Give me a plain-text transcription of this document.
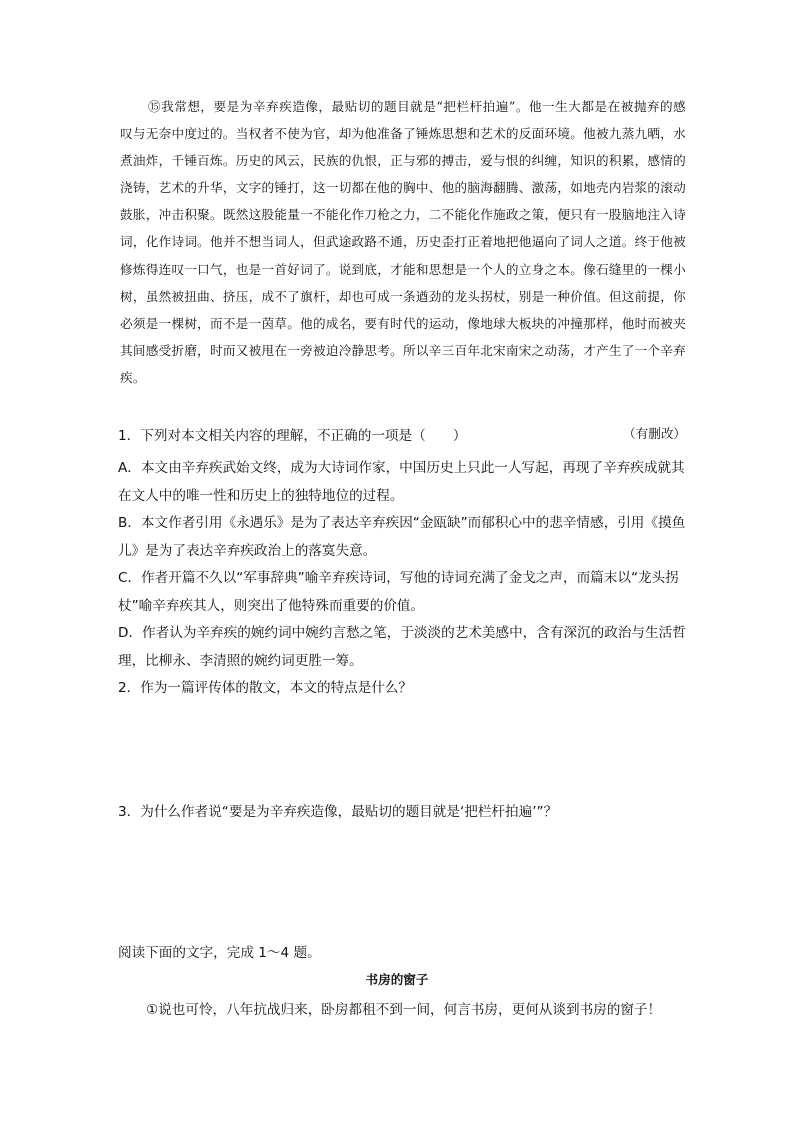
⑮我常想，要是为辛弃疾造像，最贴切的题目就是“把栏杆拍遍”。他一生大都是在被抛弃的感叹与无奈中度过的。当权者不使为官，却为他准备了锤炼思想和艺术的反面环境。他被九蒸九晒，水煮油炸，千锤百炼。历史的风云，民族的仇恨，正与邪的搏击，爱与恨的纠缠，知识的积累，感情的浇铸，艺术的升华，文字的锤打，这一切都在他的胸中、他的脑海翻腾、激荡，如地壳内岩浆的滚动鼓胀，冲击积聚。既然这股能量一不能化作刀枪之力，二不能化作施政之策，便只有一股脑地注入诗词，化作诗词。他并不想当词人，但武途政路不通，历史歪打正着地把他逼向了词人之道。终于他被修炼得连叹一口气，也是一首好词了。说到底，才能和思想是一个人的立身之本。像石缝里的一棵小树，虽然被扭曲、挤压，成不了旗杆，却也可成一条遒劲的龙头拐杖，别是一种价值。但这前提，你必须是一棵树，而不是一茵草。他的成名，要有时代的运动，像地球大板块的冲撞那样，他时而被夹其间感受折磨，时而又被甩在一旁被迫冷静思考。所以辛三百年北宋南宋之动荡，才产生了一个辛弃疾。

（有删改）

1．下列对本文相关内容的理解，不正确的一项是（　　）
A．本文由辛弃疾武始文终，成为大诗词作家，中国历史上只此一人写起，再现了辛弃疾成就其在文人中的唯一性和历史上的独特地位的过程。
B．本文作者引用《永遇乐》是为了表达辛弃疾因“金瓯缺”而郁积心中的悲辛情感，引用《摸鱼儿》是为了表达辛弃疾政治上的落寞失意。
C．作者开篇不久以“军事辞典”喻辛弃疾诗词，写他的诗词充满了金戈之声，而篇末以“龙头拐杖”喻辛弃疾其人，则突出了他特殊而重要的价值。
D．作者认为辛弃疾的婉约词中婉约言愁之笔，于淡淡的艺术美感中，含有深沉的政治与生活哲理，比柳永、李清照的婉约词更胜一筹。
2．作为一篇评传体的散文，本文的特点是什么？
3．为什么作者说“要是为辛弃疾造像，最贴切的题目就是‘把栏杆拍遍’”？

阅读下面的文字，完成 1～4 题。

书房的窗子

①说也可怜，八年抗战归来，卧房都租不到一间，何言书房，更何从谈到书房的窗子！
